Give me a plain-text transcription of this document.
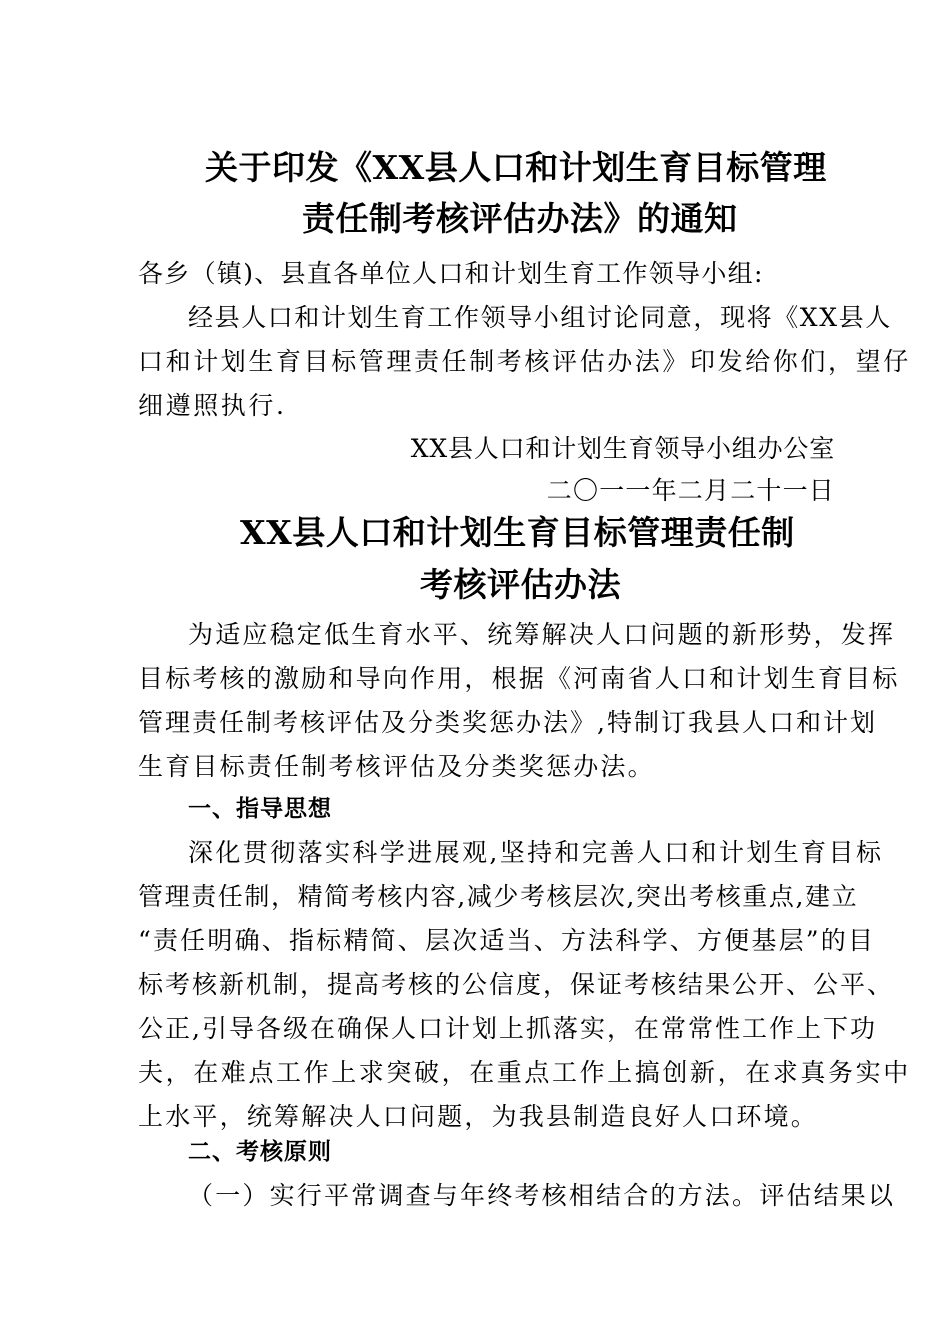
关于印发《XX县人口和计划生育目标管理
责任制考核评估办法》的通知
各乡（镇)、县直各单位人口和计划生育工作领导小组:
经县人口和计划生育工作领导小组讨论同意，现将《XX县人
口和计划生育目标管理责任制考核评估办法》印发给你们，望仔
细遵照执行.
XX县人口和计划生育领导小组办公室
二〇一一年二月二十一日
XX县人口和计划生育目标管理责任制
考核评估办法
为适应稳定低生育水平、统筹解决人口问题的新形势，发挥
目标考核的激励和导向作用，根据《河南省人口和计划生育目标
管理责任制考核评估及分类奖惩办法》,特制订我县人口和计划
生育目标责任制考核评估及分类奖惩办法。
一、指导思想
深化贯彻落实科学进展观,坚持和完善人口和计划生育目标
管理责任制，精简考核内容,减少考核层次,突出考核重点,建立
“责任明确、指标精简、层次适当、方法科学、方便基层”的目
标考核新机制，提高考核的公信度，保证考核结果公开、公平、
公正,引导各级在确保人口计划上抓落实，在常常性工作上下功
夫，在难点工作上求突破，在重点工作上搞创新，在求真务实中
上水平，统筹解决人口问题，为我县制造良好人口环境。
二、考核原则
（一）实行平常调查与年终考核相结合的方法。评估结果以
